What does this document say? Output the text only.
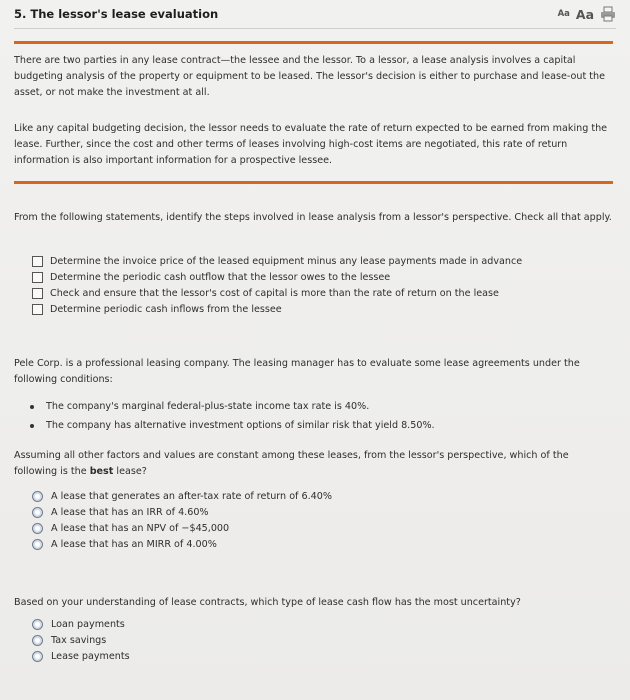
5. The lessor's lease evaluation	Aa Aa
There are two parties in any lease contract—the lessee and the lessor. To a lessor, a lease analysis involves a capital budgeting analysis of the property or equipment to be leased. The lessor's decision is either to purchase and lease-out the asset, or not make the investment at all.
Like any capital budgeting decision, the lessor needs to evaluate the rate of return expected to be earned from making the lease. Further, since the cost and other terms of leases involving high-cost items are negotiated, this rate of return information is also important information for a prospective lessee.
From the following statements, identify the steps involved in lease analysis from a lessor's perspective. Check all that apply.
Determine the invoice price of the leased equipment minus any lease payments made in advance
Determine the periodic cash outflow that the lessor owes to the lessee
Check and ensure that the lessor's cost of capital is more than the rate of return on the lease
Determine periodic cash inflows from the lessee
Pele Corp. is a professional leasing company. The leasing manager has to evaluate some lease agreements under the following conditions:
The company's marginal federal-plus-state income tax rate is 40%.
The company has alternative investment options of similar risk that yield 8.50%.
Assuming all other factors and values are constant among these leases, from the lessor's perspective, which of the following is the best lease?
A lease that generates an after-tax rate of return of 6.40%
A lease that has an IRR of 4.60%
A lease that has an NPV of −$45,000
A lease that has an MIRR of 4.00%
Based on your understanding of lease contracts, which type of lease cash flow has the most uncertainty?
Loan payments
Tax savings
Lease payments
